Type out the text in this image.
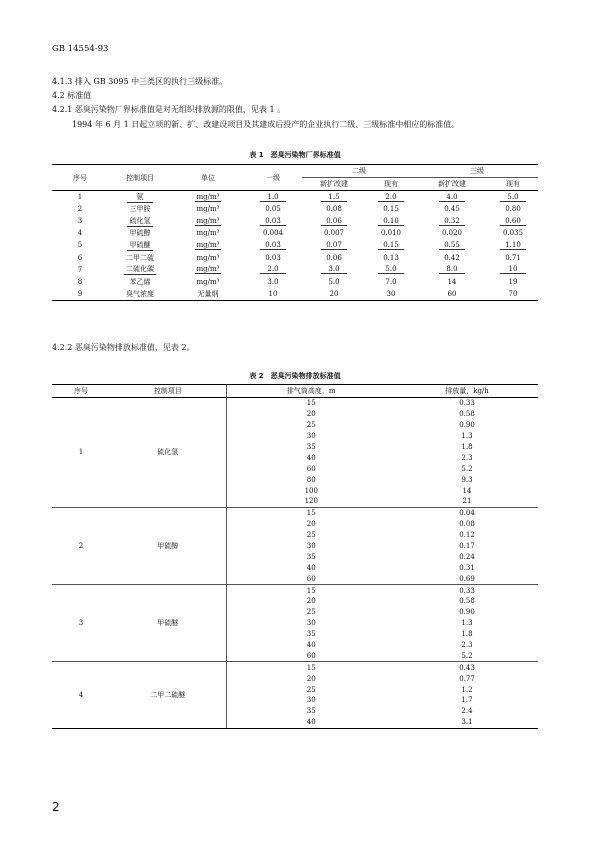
GB 14554-93
4.1.3 排入 GB 3095 中三类区的执行三级标准。
4.2 标准值
4.2.1 恶臭污染物厂界标准值是对无组织排放源的限值，见表 1 。
1994 年 6 月 1 日起立项的新、扩、改建设项目及其建成后投产的企业执行二级、三级标准中相应的标准值。
表 1　恶臭污染物厂界标准值
序号	控制项目	单位	一级	二级		三级	
				新扩改建	现有	新扩改建	现有
1	氨	mg/m³	1.0	1.5	2.0	4.0	5.0
2	三甲胺	mg/m³	0.05	0.08	0.15	0.45	0.80
3	硫化氢	mg/m³	0.03	0.06	0.10	0.32	0.60
4	甲硫醇	mg/m³	0.004	0.007	0.010	0.020	0.035
5	甲硫醚	mg/m³	0.03	0.07	0.15	0.55	1.10
6	二甲二硫	mg/m³	0.03	0.06	0.13	0.42	0.71
7	二硫化碳	mg/m³	2.0	3.0	5.0	8.0	10
8	苯乙烯	mg/m³	3.0	5.0	7.0	14	19
9	臭气浓度	无量纲	10	20	30	60	70
4.2.2 恶臭污染物排放标准值，见表 2。
表 2　恶臭污染物排放标准值
序号	控制项目	排气筒高度，m	排放量，kg/h
1	硫化氢	15	0.33
		20	0.58
		25	0.90
		30	1.3
		35	1.8
		40	2.3
		60	5.2
		80	9.3
		100	14
		120	21
2	甲硫醇	15	0.04
		20	0.08
		25	0.12
		30	0.17
		35	0.24
		40	0.31
		60	0.69
3	甲硫醚	15	0.33
		20	0.58
		25	0.90
		30	1.3
		35	1.8
		40	2.3
		60	5.2
4	二甲二硫醚	15	0.43
		20	0.77
		25	1.2
		30	1.7
		35	2.4
		40	3.1
2
